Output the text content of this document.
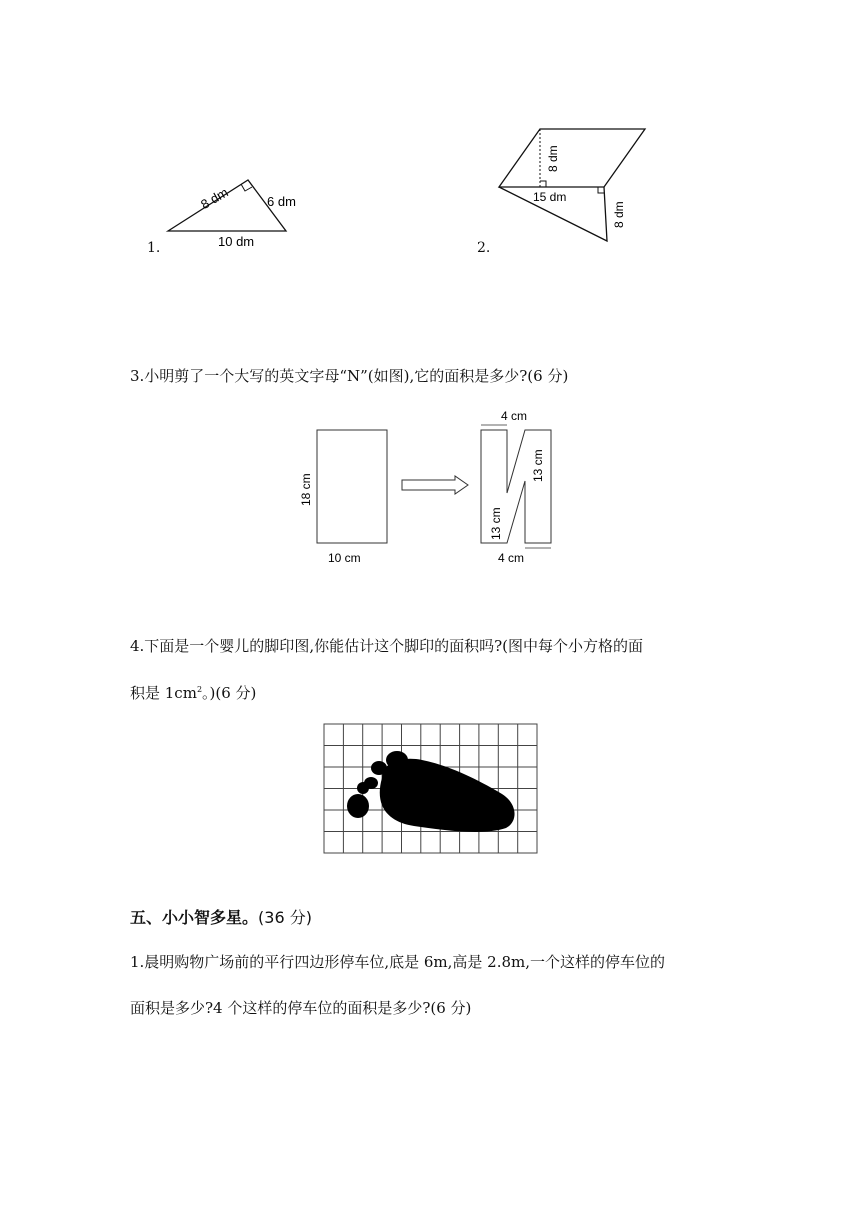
8 dm	6 dm
10 dm
1.
8 dm
15 dm
8 dm
2.
3.小明剪了一个大写的英文字母“N”(如图),它的面积是多少?(6 分)
18 cm
10 cm
4 cm
13 cm
13 cm
4 cm
4.下面是一个婴儿的脚印图,你能估计这个脚印的面积吗?(图中每个小方格的面
积是 $1cm^2$。)(6 分)
五、小小智多星。(36 分)
1.晨明购物广场前的平行四边形停车位,底是 6m,高是 2.8m,一个这样的停车位的
面积是多少?4 个这样的停车位的面积是多少?(6 分)
